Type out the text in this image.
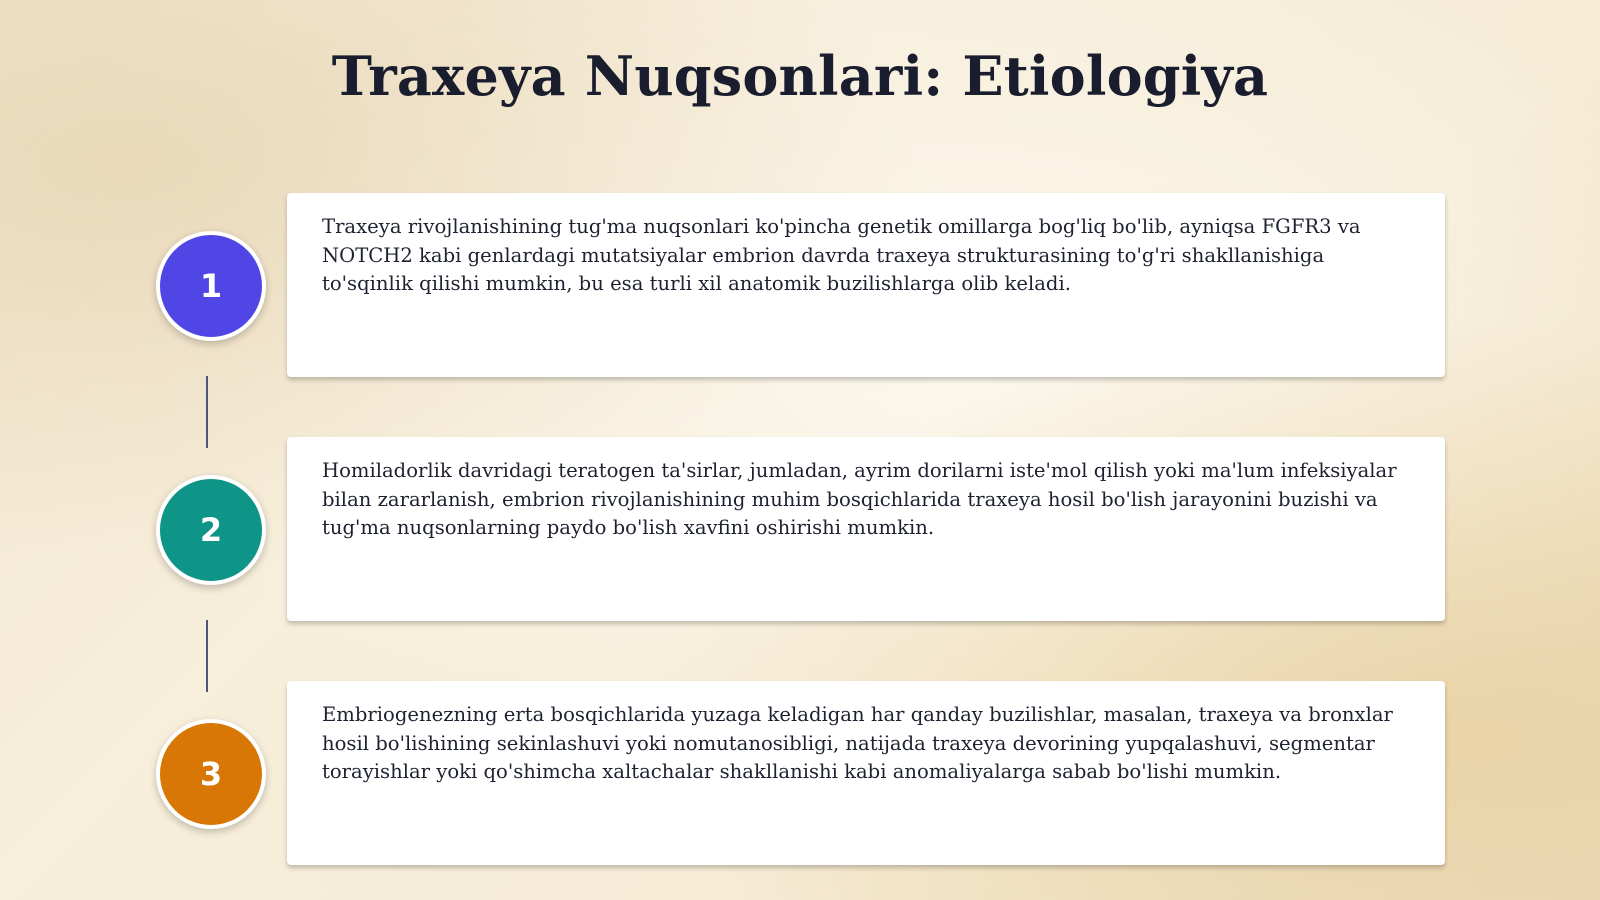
Traxeya Nuqsonlari: Etiologiya
1

Traxeya rivojlanishining tug'ma nuqsonlari ko'pincha genetik omillarga bog'liq bo'lib, ayniqsa FGFR3 va NOTCH2 kabi genlardagi mutatsiyalar embrion davrda traxeya strukturasining to'g'ri shakllanishiga to'sqinlik qilishi mumkin, bu esa turli xil anatomik buzilishlarga olib keladi.

2

Homiladorlik davridagi teratogen ta'sirlar, jumladan, ayrim dorilarni iste'mol qilish yoki ma'lum infeksiyalar bilan zararlanish, embrion rivojlanishining muhim bosqichlarida traxeya hosil bo'lish jarayonini buzishi va tug'ma nuqsonlarning paydo bo'lish xavfini oshirishi mumkin.

3

Embriogenezning erta bosqichlarida yuzaga keladigan har qanday buzilishlar, masalan, traxeya va bronxlar hosil bo'lishining sekinlashuvi yoki nomutanosibligi, natijada traxeya devorining yupqalashuvi, segmentar torayishlar yoki qo'shimcha xaltachalar shakllanishi kabi anomaliyalarga sabab bo'lishi mumkin.
